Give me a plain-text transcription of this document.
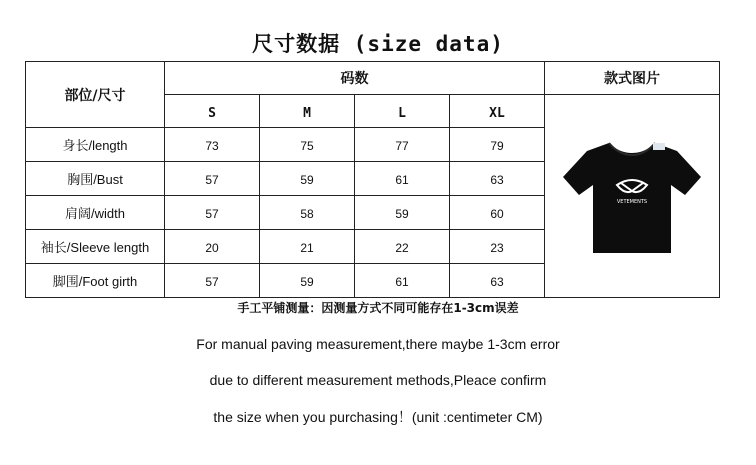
尺寸数据 (size data)
部位/尺寸	码数				款式图片
	S	M	L	XL	VETEMENTS

身长/length	73	75	77	79	
胸围/Bust	57	59	61	63	
肩阔/width	57	58	59	60	
袖长/Sleeve length	20	21	22	23	
脚围/Foot girth	57	59	61	63	
手工平铺测量：因测量方式不同可能存在1-3cm误差
For manual paving measurement,there maybe 1-3cm error
due to different measurement methods,Pleace confirm
the size when you purchasing！(unit :centimeter CM)
